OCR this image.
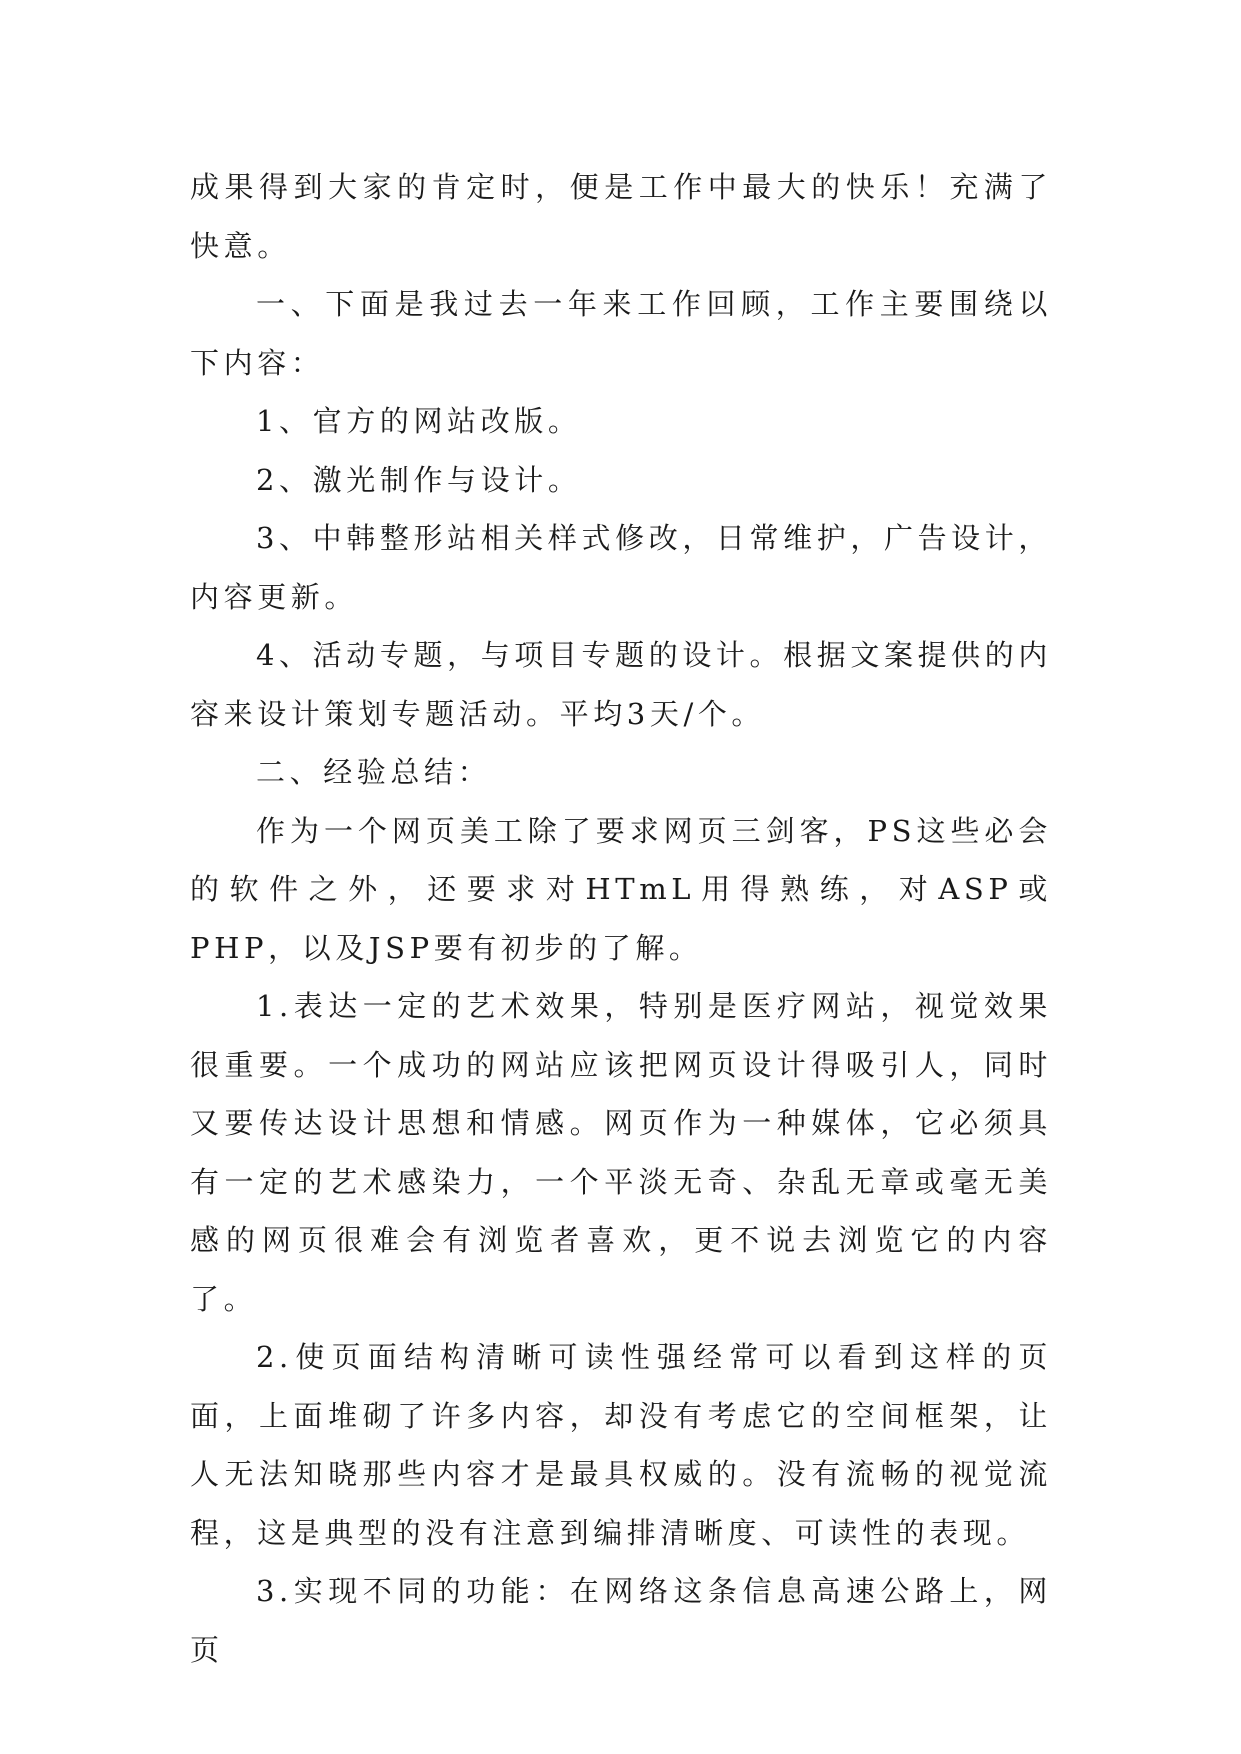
成果得到大家的肯定时，便是工作中最大的快乐！充满了快意。

一、下面是我过去一年来工作回顾，工作主要围绕以下内容：

1、官方的网站改版。

2、激光制作与设计。

3、中韩整形站相关样式修改，日常维护，广告设计，内容更新。

4、活动专题，与项目专题的设计。根据文案提供的内容来设计策划专题活动。平均3天/个。

二、经验总结：

作为一个网页美工除了要求网页三剑客，PS这些必会的软件之外，还要求对HTmL用得熟练，对ASP或PHP，以及JSP要有初步的了解。

1.表达一定的艺术效果，特别是医疗网站，视觉效果很重要。一个成功的网站应该把网页设计得吸引人，同时又要传达设计思想和情感。网页作为一种媒体，它必须具有一定的艺术感染力，一个平淡无奇、杂乱无章或毫无美感的网页很难会有浏览者喜欢，更不说去浏览它的内容了。

2.使页面结构清晰可读性强经常可以看到这样的页面，上面堆砌了许多内容，却没有考虑它的空间框架，让人无法知晓那些内容才是最具权威的。没有流畅的视觉流程，这是典型的没有注意到编排清晰度、可读性的表现。

3.实现不同的功能：在网络这条信息高速公路上，网页
